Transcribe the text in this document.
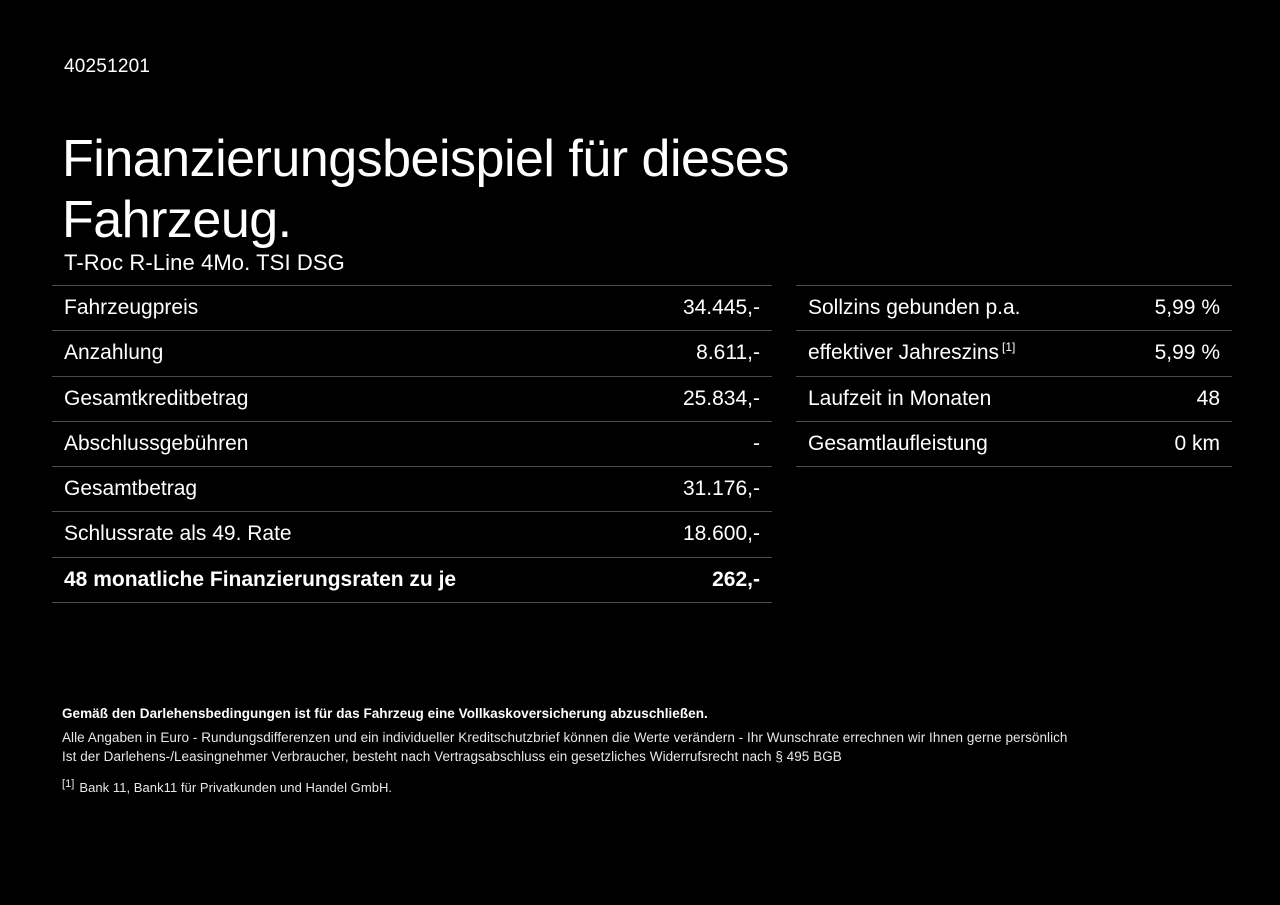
40251201
Finanzierungsbeispiel für dieses Fahrzeug.
T-Roc R-Line 4Mo. TSI DSG
Fahrzeugpreis	34.445,-
Anzahlung	8.611,-
Gesamtkreditbetrag	25.834,-
Abschlussgebühren	-
Gesamtbetrag	31.176,-
Schlussrate als 49. Rate	18.600,-
48 monatliche Finanzierungsraten zu je	262,-
Sollzins gebunden p.a.	5,99 %
effektiver Jahreszins [1]	5,99 %
Laufzeit in Monaten	48
Gesamtlaufleistung	0 km
Gemäß den Darlehensbedingungen ist für das Fahrzeug eine Vollkaskoversicherung abzuschließen.
Alle Angaben in Euro - Rundungsdifferenzen und ein individueller Kreditschutzbrief können die Werte verändern - Ihr Wunschrate errechnen wir Ihnen gerne persönlich
Ist der Darlehens-/Leasingnehmer Verbraucher, besteht nach Vertragsabschluss ein gesetzliches Widerrufsrecht nach § 495 BGB
[1] Bank 11, Bank11 für Privatkunden und Handel GmbH.
